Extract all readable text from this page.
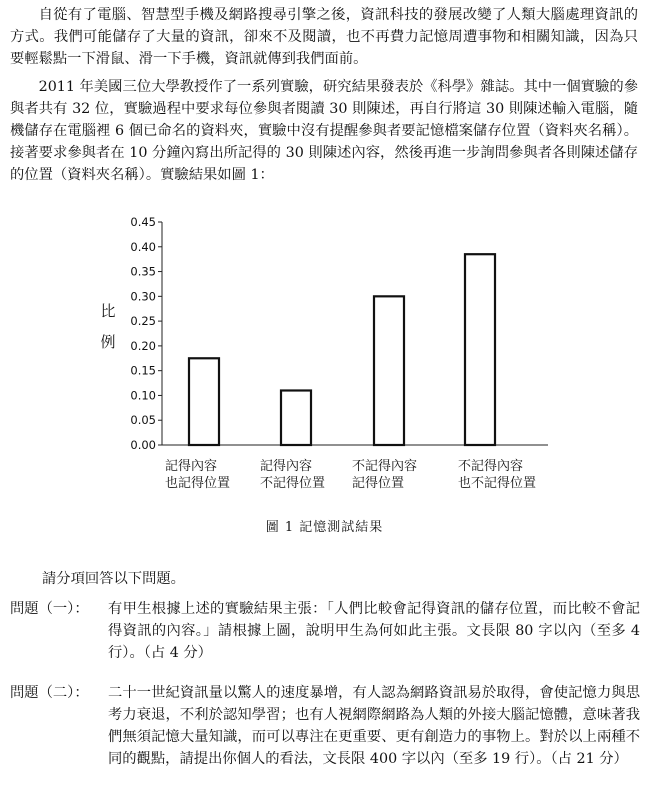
自從有了電腦、智慧型手機及網路搜尋引擎之後，資訊科技的發展改變了人類大腦處理資訊的方式。我們可能儲存了大量的資訊，卻來不及閱讀，也不再費力記憶周遭事物和相關知識，因為只要輕鬆點一下滑鼠、滑一下手機，資訊就傳到我們面前。
2011 年美國三位大學教授作了一系列實驗，研究結果發表於《科學》雜誌。其中一個實驗的參與者共有 32 位，實驗過程中要求每位參與者閱讀 30 則陳述，再自行將這 30 則陳述輸入電腦，隨機儲存在電腦裡 6 個已命名的資料夾，實驗中沒有提醒參與者要記憶檔案儲存位置（資料夾名稱）。接著要求參與者在 10 分鐘內寫出所記得的 30 則陳述內容，然後再進一步詢問參與者各則陳述儲存的位置（資料夾名稱）。實驗結果如圖 1：
比
例
0.00
0.05
0.10
0.15
0.20
0.25
0.30
0.35
0.40
0.45
記得內容
也記得位置
記得內容
不記得位置
不記得內容
記得位置
不記得內容
也不記得位置
圖 1 記憶測試結果
請分項回答以下問題。
問題（一）： 有甲生根據上述的實驗結果主張：「人們比較會記得資訊的儲存位置，而比較不會記得資訊的內容。」請根據上圖，說明甲生為何如此主張。文長限 80 字以內（至多 4 行）。（占 4 分）
問題（二）： 二十一世紀資訊量以驚人的速度暴增，有人認為網路資訊易於取得，會使記憶力與思考力衰退，不利於認知學習；也有人視網際網路為人類的外接大腦記憶體，意味著我們無須記憶大量知識，而可以專注在更重要、更有創造力的事物上。對於以上兩種不同的觀點，請提出你個人的看法，文長限 400 字以內（至多 19 行）。（占 21 分）
